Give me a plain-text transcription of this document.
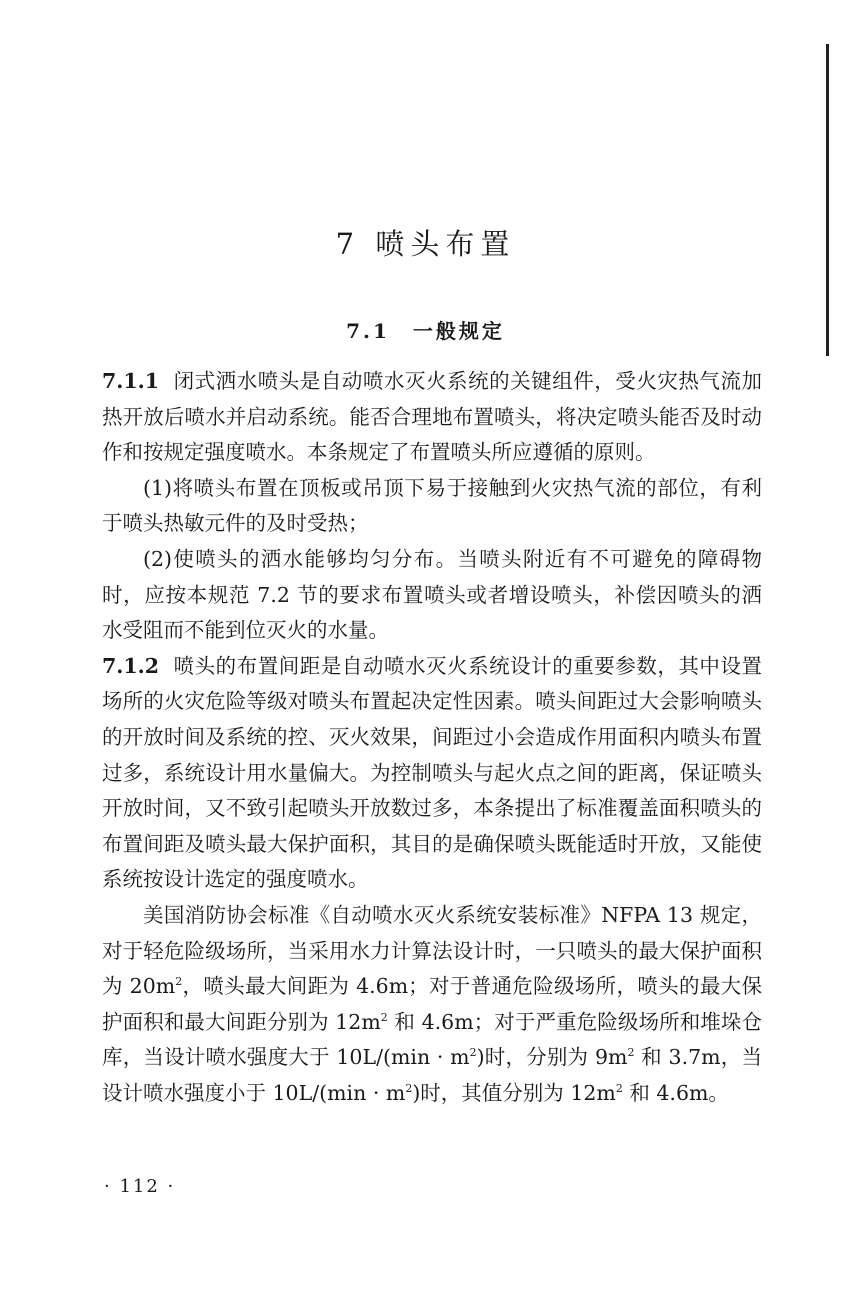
7 喷头布置
7.1　一般规定

7.1.1 闭式洒水喷头是自动喷水灭火系统的关键组件，受火灾热气流加热开放后喷水并启动系统。能否合理地布置喷头，将决定喷头能否及时动作和按规定强度喷水。本条规定了布置喷头所应遵循的原则。

(1)将喷头布置在顶板或吊顶下易于接触到火灾热气流的部位，有利于喷头热敏元件的及时受热；

(2)使喷头的洒水能够均匀分布。当喷头附近有不可避免的障碍物时，应按本规范 7.2 节的要求布置喷头或者增设喷头，补偿因喷头的洒水受阻而不能到位灭火的水量。

7.1.2 喷头的布置间距是自动喷水灭火系统设计的重要参数，其中设置场所的火灾危险等级对喷头布置起决定性因素。喷头间距过大会影响喷头的开放时间及系统的控、灭火效果，间距过小会造成作用面积内喷头布置过多，系统设计用水量偏大。为控制喷头与起火点之间的距离，保证喷头开放时间，又不致引起喷头开放数过多，本条提出了标准覆盖面积喷头的布置间距及喷头最大保护面积，其目的是确保喷头既能适时开放，又能使系统按设计选定的强度喷水。

美国消防协会标准《自动喷水灭火系统安装标准》NFPA 13 规定，对于轻危险级场所，当采用水力计算法设计时，一只喷头的最大保护面积为 $20m^2$，喷头最大间距为 4.6m；对于普通危险级场所，喷头的最大保护面积和最大间距分别为 $12m^2$ 和 4.6m；对于严重危险级场所和堆垛仓库，当设计喷水强度大于 $10L/(\min \cdot m^2)$时，分别为 $9m^2$ 和 3.7m，当设计喷水强度小于 $10L/(\min \cdot m^2)$时，其值分别为 $12m^2$ 和 4.6m。

· 112 ·
